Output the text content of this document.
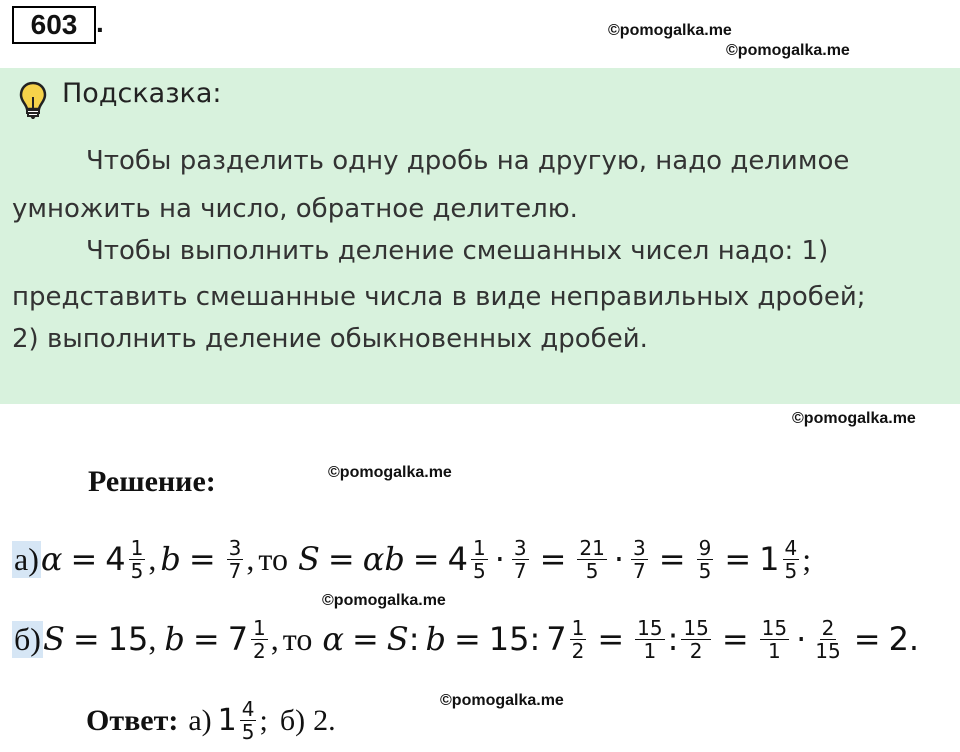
603 .	©pomogalka.me
©pomogalka.me
Подсказка:
Чтобы разделить одну дробь на другую, надо делимое
умножить на число, обратное делителю.
Чтобы выполнить деление смешанных чисел надо: 1)
представить смешанные числа в виде неправильных дробей;
2) выполнить деление обыкновенных дробей.
©pomogalka.me
Решение:	©pomogalka.me
а) $\alpha = 4 \frac{1}{5}$ , $b = \frac{3}{7}$ , то $S = \alpha b = 4 \frac{1}{5} \cdot \frac{3}{7} = \frac{21}{5} \cdot \frac{3}{7} = \frac{9}{5} = 1 \frac{4}{5}$ ;
©pomogalka.me
б) S = 15 , $b = 7 \frac{1}{2}$ , то α = S : b = 15 : $7 \frac{1}{2} = \frac{15}{1}$ : $\frac{15}{2} = \frac{15}{1} \cdot \frac{2}{15} = 2$.
©pomogalka.me
Ответ: а) $1 \frac{4}{5}$ ; б) 2.
